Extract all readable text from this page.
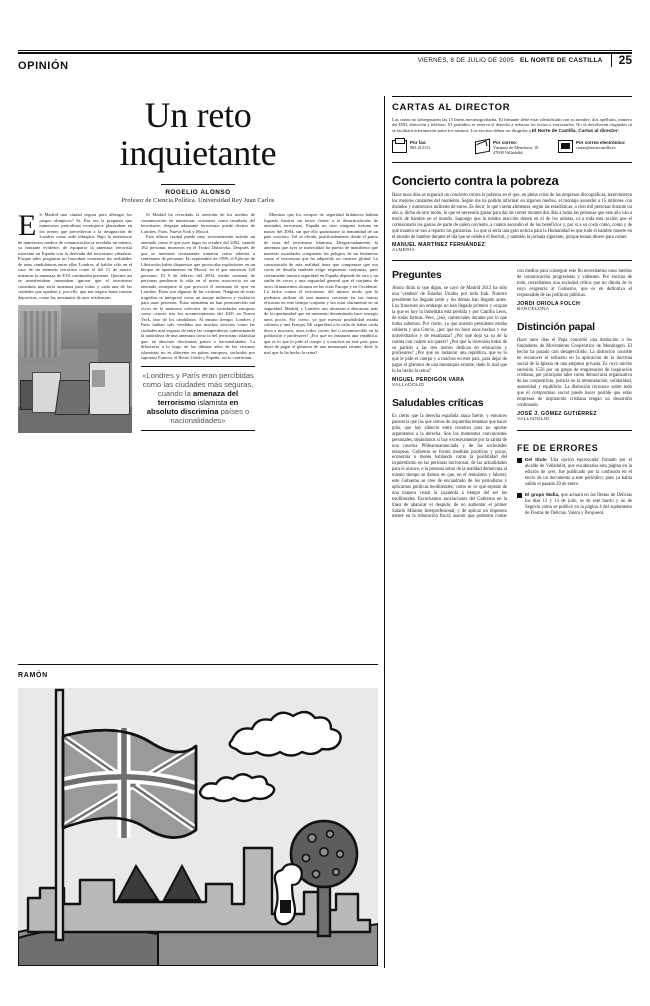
VIERNES, 8 DE JULIO DE 2005 EL NORTE DE CASTILLA	25
OPINIÓN
Un reto
inquietante
ROGELIO ALONSO
Profesor de Ciencia Política. Universidad Rey Juan Carlos

E S Madrid una ciudad segura para albergar los juegos olímpicos? Si. Ésa era la pregunta que numerosos periodistas extranjeros planteaban en los meses que precedieron a la designación de Londres como sede olímpica. Bajo la insistencia de numerosos medios de comunicación se revelaba un intento, ya bastante evidente, de equiparar la amenaza terrorista existente en España con la derivada del terrorismo yihadista. Porque tales preguntas no buscaban contrastar las realidades de unas candidaturas entre ellas Londres, al hablar sólo en el caso de un atentado terrorista como el del 11 de marzo, mientras la amenaza de ETA continuaba presente. Quienes así se manifestaban intentaban ignorar que el terrorismo constituía una seria amenaza para todas y cada una de las ciudades que optaban y, por ello, que tan trágico haría constar deportivas, como los asesinatos de ayer evidencian.

Si Madrid ha recordado la atención de los medios de comunicación en numerosas ocasiones como resultado del terrorismo, despejar adamante terrorismo puede decirse de Londres, París, Nueva York y Moscú.

Esta última ciudad puede muy recientemente sufrido un atentado como el que tuvo lugar en octubre del 2002, cuando 162 personas murieron en el Teatro Dubrovka. Después de que se intentase ciertamente tomaron como rehenes a centenares de personas. En septiembre de 1999, el Ejército de Liberación había dispuestos que provocaba explosiones en un bloque de apartamentos en Moscú, en el que murieron 120 personas. El 6 de febrero del 2004, medio centenar de personas perdieron la vida en el metro moscovita en un atentado semejante al que provocó el asesinato de ayer en Londres. Éstas son algunas de las víctimas. Ninguna de estas tragedias se interpretó como un ataque indirecto y exclusivo para unas personas. Éstas atentaban no han permanecido tan vivos en la memoria colectiva de las sociedades europeas como ocurrió tras los acontecimientos del 2001 en Nueva York, otro de los candidatos. Al mismo tiempo, Londres y París habían sido vendidas por muchos sectores como las ciudades más seguras de entre las competidoras, subestimando la naturaleza de una amenaza como la del terrorismo islamista que, en absoluto discrimina países o nacionalidades. La diferencia a lo largo de las últimas años de las víctimas islamistas no es diferente en países europeos, incluidos por supuesto Francia, el Reino Unido y España, así lo confirman.

«Londres y París eran percibidas como las ciudades más seguras, cuando la amenaza del terrorismo islamista en absoluto discrimina países o nacionalidades»

Mientras que los escapes de seguridad británicos habían logrado frustrar un terror frente a la desarticulación de atentados terroristas, España no tuvo ninguna fortuna en marzo del 2004, sin que ello garantizase la inmunidad de un país concreto. Tal se olvida, justificadamente desde el punto de vista del terrorismo islamista. Desgraciadamente, la amenaza que ayer se materializó ha puesto de manifiesto que nuestras sociedades comparten los peligros de un fenómeno como el terrorismo que ha adquirido un carácter global. La constatación de esta realidad tiene que compensar que esa cuota de desafío también exige respuestas conjuntas, pues ciertamente nuestra seguridad en España depende de otra y un sinfín de voces y una seguridad general que el conjunto de otros firmamentos alcanza en las otras Europa y en Occidente. La lucha contra el terrorismo, del mismo modo que la podemos atribuir de una manera creciente en sus únicas eficacias en este tiempo conjunto y sin estar claramente en su seguridad. Madrid, y Londres nos alcanzan a descansar más de la oportunidad que en momento determinado hace resurgir unos pocos. Por cierto, ya que nuestra posibilidad estaba cubierta y una Europa. Mi seguridad a la culta de haber caída deya a nosotros, unos todos correo del o inconmovible en la población y profesores? ¿Por qué no instaurar una república, que es lo que lo pide el cuerpo y a muchos en este país, para dejar de pagar el glamour de una monarquía errante, dado lo mal que lo ha hecho la reina?

RAMÓN
CARTAS AL DIRECTOR

Las cartas no sobrepasarán las 15 líneas mecanografiadas. El firmante debe estar identificado con su nombre, dos apellidos, número del DNI, dirección y teléfono. El periódico se reserva el derecho a redactar los textos o extractarlos. No se devolverán originales ni se facilitará información sobre los mismos. Los escritos deben ser dirigidos a El Norte de Castilla. Cartas al director:

Por fax:
983 412111
Por correo:
Vázquez de Menchaca, 10. 47008 Valladolid.
Por correo electrónico:
cartas@nortecastilla.es
Concierto contra la pobreza

Hace unos días se organizó un concierto contra la pobreza en el que, en plena crisis de las empresas discográficas, intervinieron los mejores cantantes del momento. Según me ha podido informar en algunos medios, el montaje ascendió a 15 millones con distados y numerosos millones de euros. Es decir, lo que cuesta alimentar, según las estadísticas, a cien mil personas durante un año o, dicho de otro modo, lo que es necesario gastar para dar de comer durante dos días a todas las personas que este año van a morir de hambre en el mundo. Supongo que la misma reacción tienen en el de los artistas, ni a toda esta acción que el comisionado los gastos de parte de quién corriente, a cuánto ascendió el de los beneficios y, por si a su costa cómo, como y de qué manera se van a repartir las ganancias. Lo que sí sería una gran noticia para la Humanidad es que todo el hambre muerte en el mundo de hambre durante el día que se celebró el festival, y también la jornada siguiente, porque tenían dinero para comer.

MANUEL MARTÍNEZ FERNÁNDEZ
ALMERÍA
Preguntes

Ahora dirán lo que digan, se cayó de Madrid 2012 ha sido una 'vendeta' de Estados Unidos por todo Irak. Nuestro presidente ha llegado tarde y los demás han llegado antes. Los franceses sin embargo no han llegado primero y ocupan la que es hoy la inmediata está perdida y por Castilla Leon, de todas formas. Pero, ¿eso, comerciales durante por lo que todos sabemos. Por cierto, ya que nuestro presidente estaba cubierta y una Grecia, ¿por qué no hace unos hechos y ese universitarios y de ensañanza? ¿Por qué deja ya su de la cuenta con cuánto sin querer? ¿Por qué la inversión todos de su partido a las tres menos dedican en educación y profesores? ¿Por qué no instaurar una república, que es lo que le pide el cuerpo y a muchos en este país, para dejar de pagar el glamour de una monarquía errante, dado lo mal que lo ha hecho la reina?

MIGUEL PERDIGÓN VARA
VALLADOLID
Saludables críticas

Es cierto que la derecha española ataca fuerte, y entonces parecería que los que somos de izquierdas tenemos que hacer piña, que hay silencio entre nosotros para no aportar argumentos a la derecha. Son los momentos convincentes personales, dejándonos si hay excesivamente por la salida de una caverna PPdeautoanunciada y de las sociedades europeas. Gobierno se formó medidas positivas y pocas, economía o mente hablando como la posibilidad del izquierdismo en las personas horrorosas; de las actualidades para el avance, o la persona sobre de la realidad demócrata al mismo tiempo se damos en que, en el leninismo y laboral, este Gobierno se cree de encuadrado de los periodistas y aplicamos políticas neoliberales; como se ve qué esperar de una manera visual la izquierda a tiempo del ser los neoliberales. Escuchamos asociaciones del Gobierno en la línea de abanicar el despido, de no aumentar el primer Salario Mínimo Interprofesional, y de aplicar un impuesto menor en la tributación fiscal; asumir que podemos contar con medios para conseguir este fin necesitamos unos medios de comunicación progresistas y valientes. Por encima de todo, necesitamos una sociedad crítica que no dimita de lo suyo exigencia al Gobierno, que es en definitiva el responsable de las políticas públicas.

JORDI ORIOLA FOLCH
BARCELONA
Distinción papal

Hace unos días el Papa concedió una distinción a los fundadores de Movimiento Cooperativo de Mondragón. El hecho ha pasado casi desapercibido. La distinción consiste en reconocer el esfuerzo en la aplicación de la doctrina social de la Iglesia de una empresa privada. Es cuyo núcleo sucesión 1556 por un grupo de empresarios de inspiración cristiana, por principios tales como democracia organizativa de las cooperativas, justicia en la remuneración, solidaridad, austeridad y equilibrio. La distinción reconoce sobre todo que el compromiso social puede hacer posible que estas empresas de inspiración cristiana tengan un desarrollo continuado.

JOSÉ J. GÓMEZ GUTIÉRREZ
VALLADOLID
FE DE ERRORES
Del título 'Una opción equivocada' firmado por el alcalde de Valladolid, que encabezaba esta página en la edición de ayer, fue publicado por la confusión en el envío de un documento a este periódico, pues ya había salido el pasado 20 de enero.
El grupo Mafia, que actuará en las fiestas de Delicias los días 13 y 14 de julio, es de este barrio y no de Segovia como se publicó en la página 4 del suplemento de Fiestas de Delicias, Valera y Parquesol.
